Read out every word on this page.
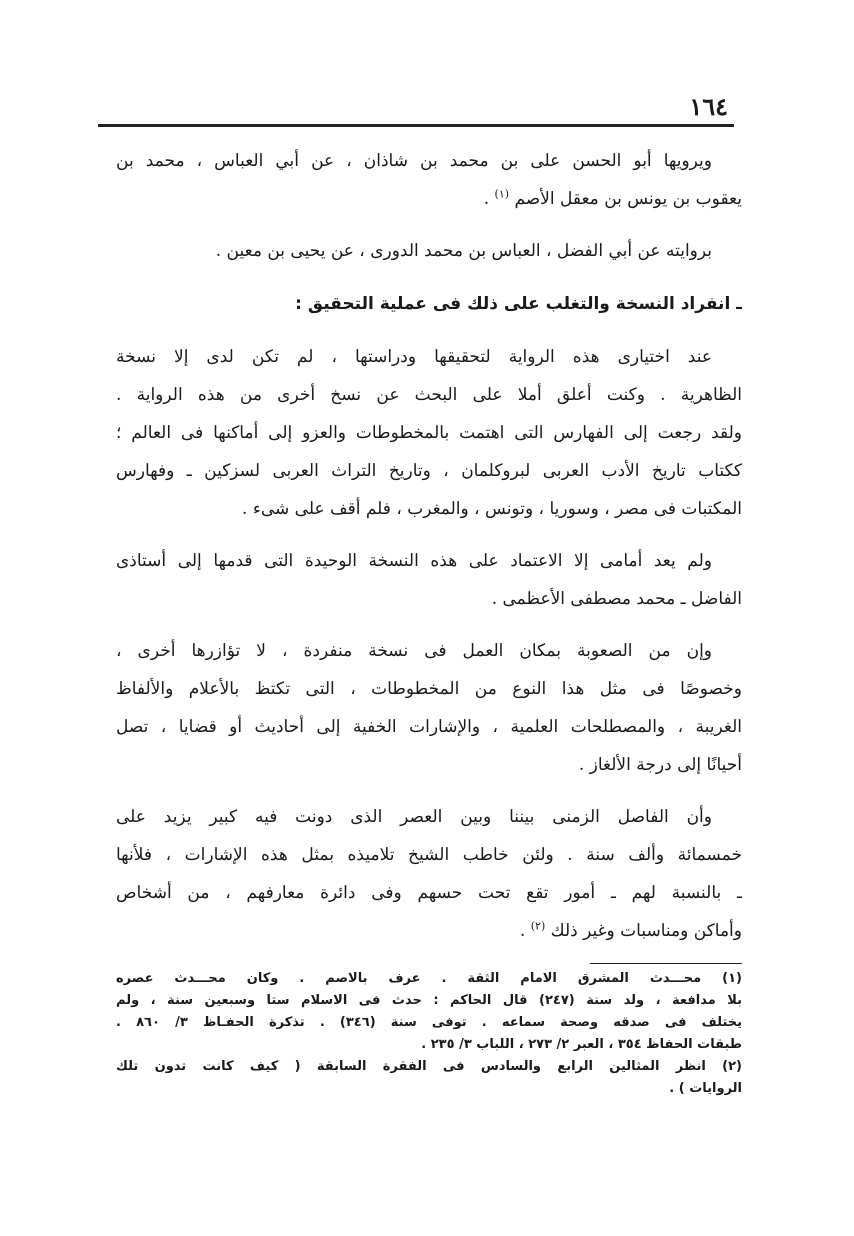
١٦٤
ويرويها أبو الحسن على بن محمد بن شاذان ، عن أبي العباس ، محمد بن
يعقوب بن يونس بن معقل الأصم $^{(١)}$ .
بروايته عن أبي الفضل ، العباس بن محمد الدورى ، عن يحيى بن معين .
ـ انفراد النسخة والتغلب على ذلك فى عملية التحقيق :
عند اختيارى هذه الرواية لتحقيقها ودراستها ، لم تكن لدى إلا نسخة
الظاهرية . وكنت أعلق أملا على البحث عن نسخ أخرى من هذه الرواية .
ولقد رجعت إلى الفهارس التى اهتمت بالمخطوطات والعزو إلى أماكنها فى العالم ؛
ككتاب تاريخ الأدب العربى لبروكلمان ، وتاريخ التراث العربى لسزكين ـ وفهارس
المكتبات فى مصر ، وسوريا ، وتونس ، والمغرب ، فلم أقف على شىء .
ولم يعد أمامى إلا الاعتماد على هذه النسخة الوحيدة التى قدمها إلى أستاذى
الفاضل ـ محمد مصطفى الأعظمى .
وإن من الصعوبة بمكان العمل فى نسخة منفردة ، لا تؤازرها أخرى ،
وخصوصًا فى مثل هذا النوع من المخطوطات ، التى تكتظ بالأعلام والألفاظ
الغريبة ، والمصطلحات العلمية ، والإشارات الخفية إلى أحاديث أو قضايا ، تصل
أحيانًا إلى درجة الألغاز .
وأن الفاصل الزمنى بيننا وبين العصر الذى دونت فيه كبير يزيد على
خمسمائة وألف سنة . ولئن خاطب الشيخ تلاميذه بمثل هذه الإشارات ، فلأنها
ـ بالنسبة لهم ـ أمور تقع تحت حسهم وفى دائرة معارفهم ، من أشخاص
وأماكن ومناسبات وغير ذلك $^{(٢)}$ .
(١) محـــدث المشرق الامام الثقة . عرف بالاصم . وكان محـــدث عصره
بلا مدافعة ، ولد سنة (٢٤٧) قال الحاكم : حدث فى الاسلام ستا وسبعين سنة ، ولم
يختلف فى صدقه وصحة سماعه . توفى سنة (٣٤٦) . تذكرة الحفـاظ ٣/ ٨٦٠ .
طبقات الحفاظ ٣٥٤ ، العبر ٢/ ٢٧٣ ، اللباب ٣/ ٢٣٥ .
(٢) انظر المثالين الرابع والسادس فى الفقرة السابقة ( كيف كانت تدون تلك
الروايات ) .
